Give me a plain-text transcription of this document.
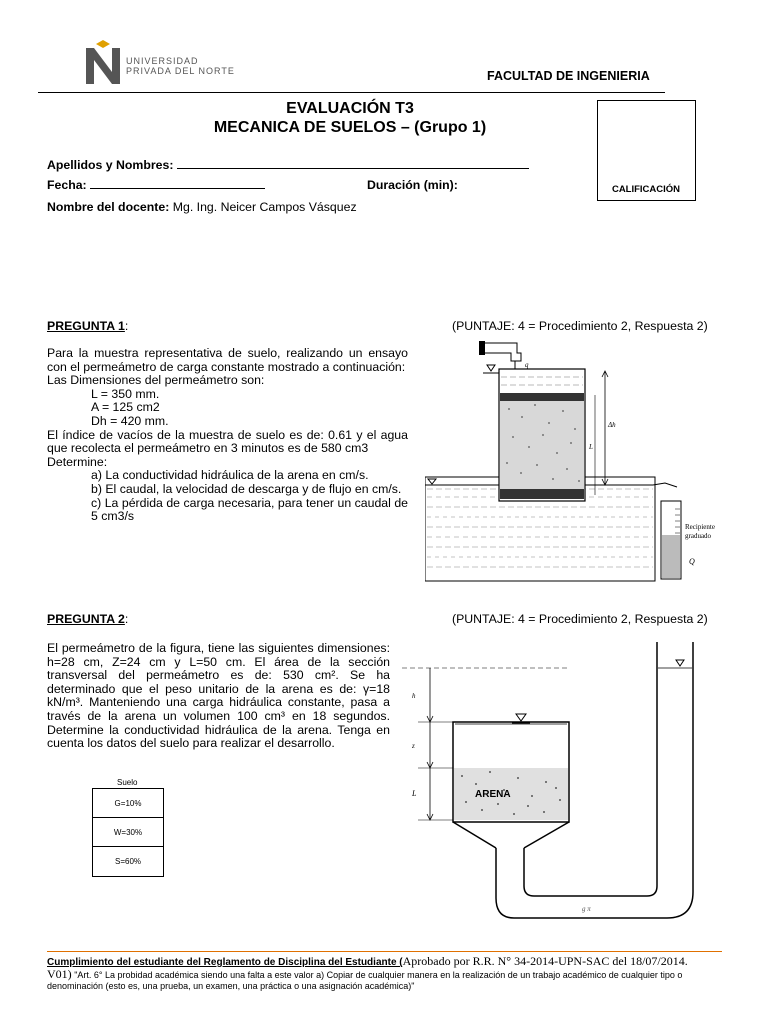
UNIVERSIDAD
PRIVADA DEL NORTE	FACULTAD DE INGENIERIA
EVALUACIÓN T3
MECANICA DE SUELOS – (Grupo 1)
CALIFICACIÓN
Apellidos y Nombres:
Fecha:	Duración (min):
Nombre del docente: Mg. Ing. Neicer Campos Vásquez
PREGUNTA 1:	(PUNTAJE: 4 = Procedimiento 2, Respuesta 2)
Para la muestra representativa de suelo, realizando un ensayo con el permeámetro de carga constante mostrado a continuación:
Las Dimensiones del permeámetro son:
L = 350 mm.
A = 125 cm2
Dh = 420 mm.
El índice de vacíos de la muestra de suelo es de: 0.61 y el agua que recolecta el permeámetro en 3 minutos es de 580 cm3
Determine:
a) La conductividad hidráulica de la arena en cm/s.
b) El caudal, la velocidad de descarga y de flujo en cm/s.
c) La pérdida de carga necesaria, para tener un caudal de 5 cm3/s
q
Δh
L
Recipiente
graduado
Q
PREGUNTA 2:	(PUNTAJE: 4 = Procedimiento 2, Respuesta 2)
El permeámetro de la figura, tiene las siguientes dimensiones: h=28 cm, Z=24 cm y L=50 cm. El área de la sección transversal del permeámetro es de: 530 cm². Se ha determinado que el peso unitario de la arena es de: γ=18 kN/m³. Manteniendo una carga hidráulica constante, pasa a través de la arena un volumen 100 cm³ en 18 segundos. Determine la conductividad hidráulica de la arena. Tenga en cuenta los datos del suelo para realizar el desarrollo.
Suelo
G=10%
W=30%
S=60%
g π
ARENA
h
z
L
Cumplimiento del estudiante del Reglamento de Disciplina del Estudiante (Aprobado por R.R. N° 34-2014-UPN-SAC del 18/07/2014.
V01) "Art. 6° La probidad académica siendo una falta a este valor a) Copiar de cualquier manera en la realización de un trabajo académico de cualquier tipo o denominación (esto es, una prueba, un examen, una práctica o una asignación académica)"
